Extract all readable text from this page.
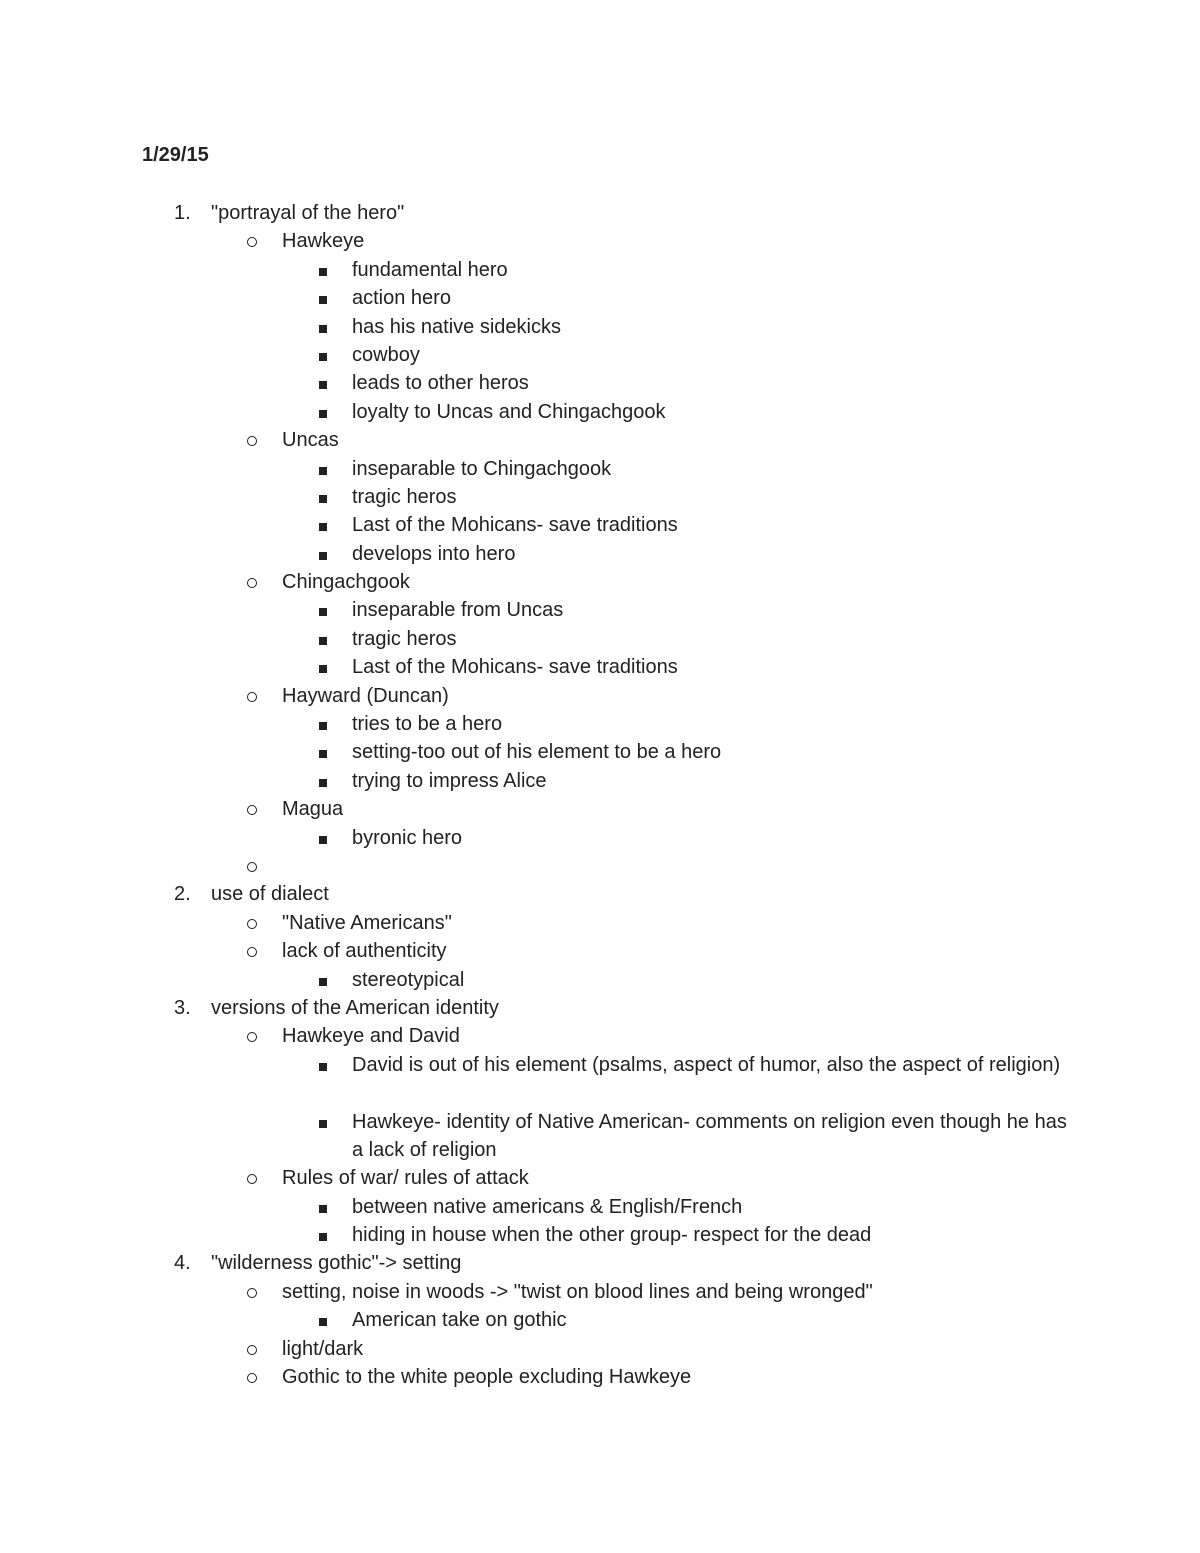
1/29/15
1. "portrayal of the hero"
Hawkeye
fundamental hero
action hero
has his native sidekicks
cowboy
leads to other heros
loyalty to Uncas and Chingachgook
Uncas
inseparable to Chingachgook
tragic heros
Last of the Mohicans- save traditions
develops into hero
Chingachgook
inseparable from Uncas
tragic heros
Last of the Mohicans- save traditions
Hayward (Duncan)
tries to be a hero
setting-too out of his element to be a hero
trying to impress Alice
Magua
byronic hero
2. use of dialect
"Native Americans"
lack of authenticity
stereotypical
3. versions of the American identity
Hawkeye and David
David is out of his element (psalms, aspect of humor, also the aspect of religion)
Hawkeye- identity of Native American- comments on religion even though he has a lack of religion
Rules of war/ rules of attack
between native americans & English/French
hiding in house when the other group- respect for the dead
4. "wilderness gothic"-> setting
setting, noise in woods -> "twist on blood lines and being wronged"
American take on gothic
light/dark
Gothic to the white people excluding Hawkeye
